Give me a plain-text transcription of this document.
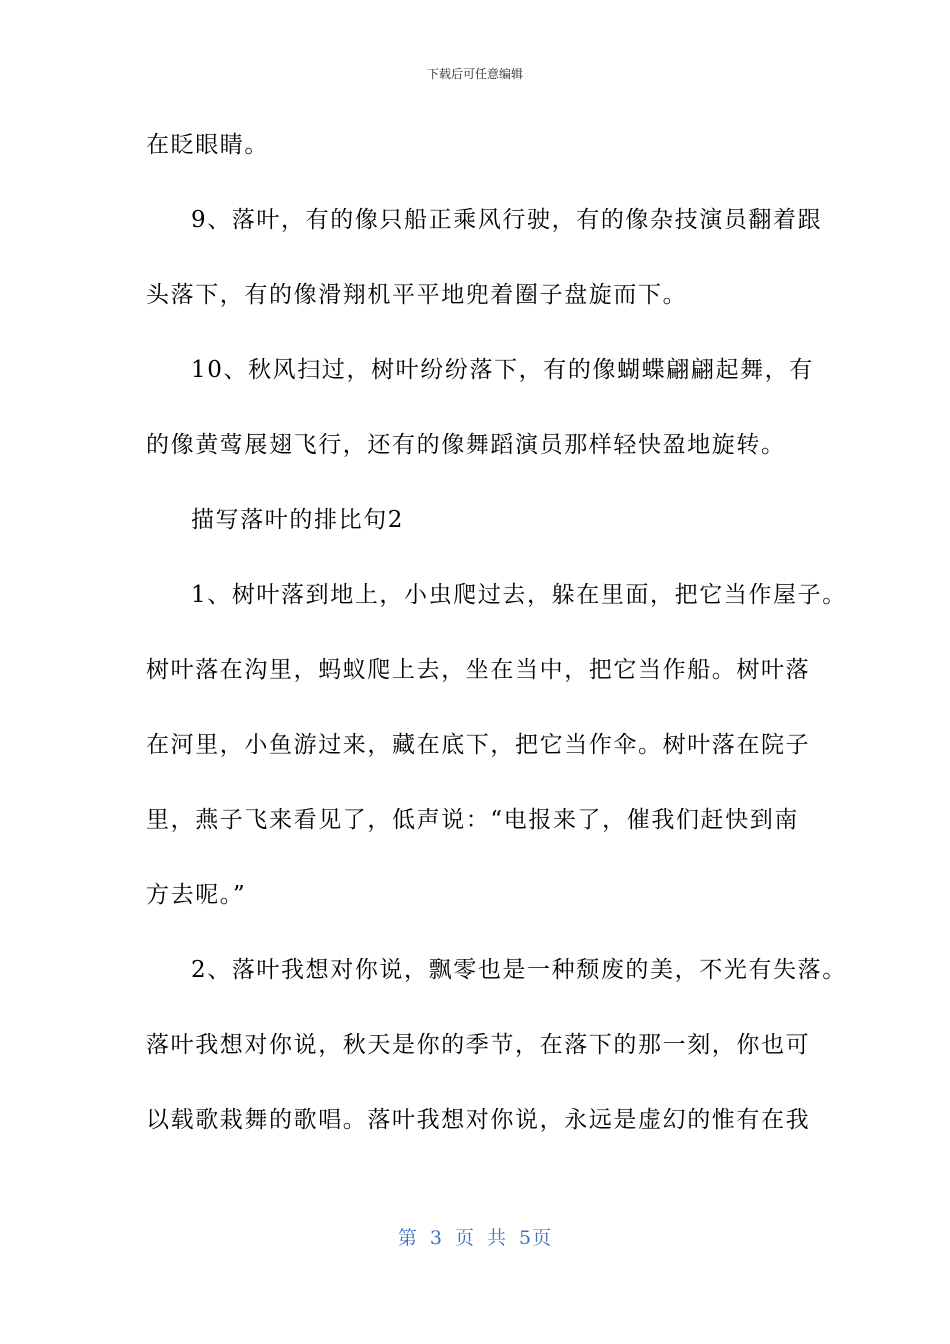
下载后可任意编辑
在眨眼睛。
9、落叶，有的像只船正乘风行驶，有的像杂技演员翻着跟
头落下，有的像滑翔机平平地兜着圈子盘旋而下。
10、秋风扫过，树叶纷纷落下，有的像蝴蝶翩翩起舞，有
的像黄莺展翅飞行，还有的像舞蹈演员那样轻快盈地旋转。
描写落叶的排比句2
1、树叶落到地上，小虫爬过去，躲在里面，把它当作屋子。
树叶落在沟里，蚂蚁爬上去，坐在当中，把它当作船。树叶落
在河里，小鱼游过来，藏在底下，把它当作伞。树叶落在院子
里，燕子飞来看见了，低声说：“电报来了，催我们赶快到南
方去呢。”
2、落叶我想对你说，飘零也是一种颓废的美，不光有失落。
落叶我想对你说，秋天是你的季节，在落下的那一刻，你也可
以载歌栽舞的歌唱。落叶我想对你说，永远是虚幻的惟有在我
第 3 页 共 5页
